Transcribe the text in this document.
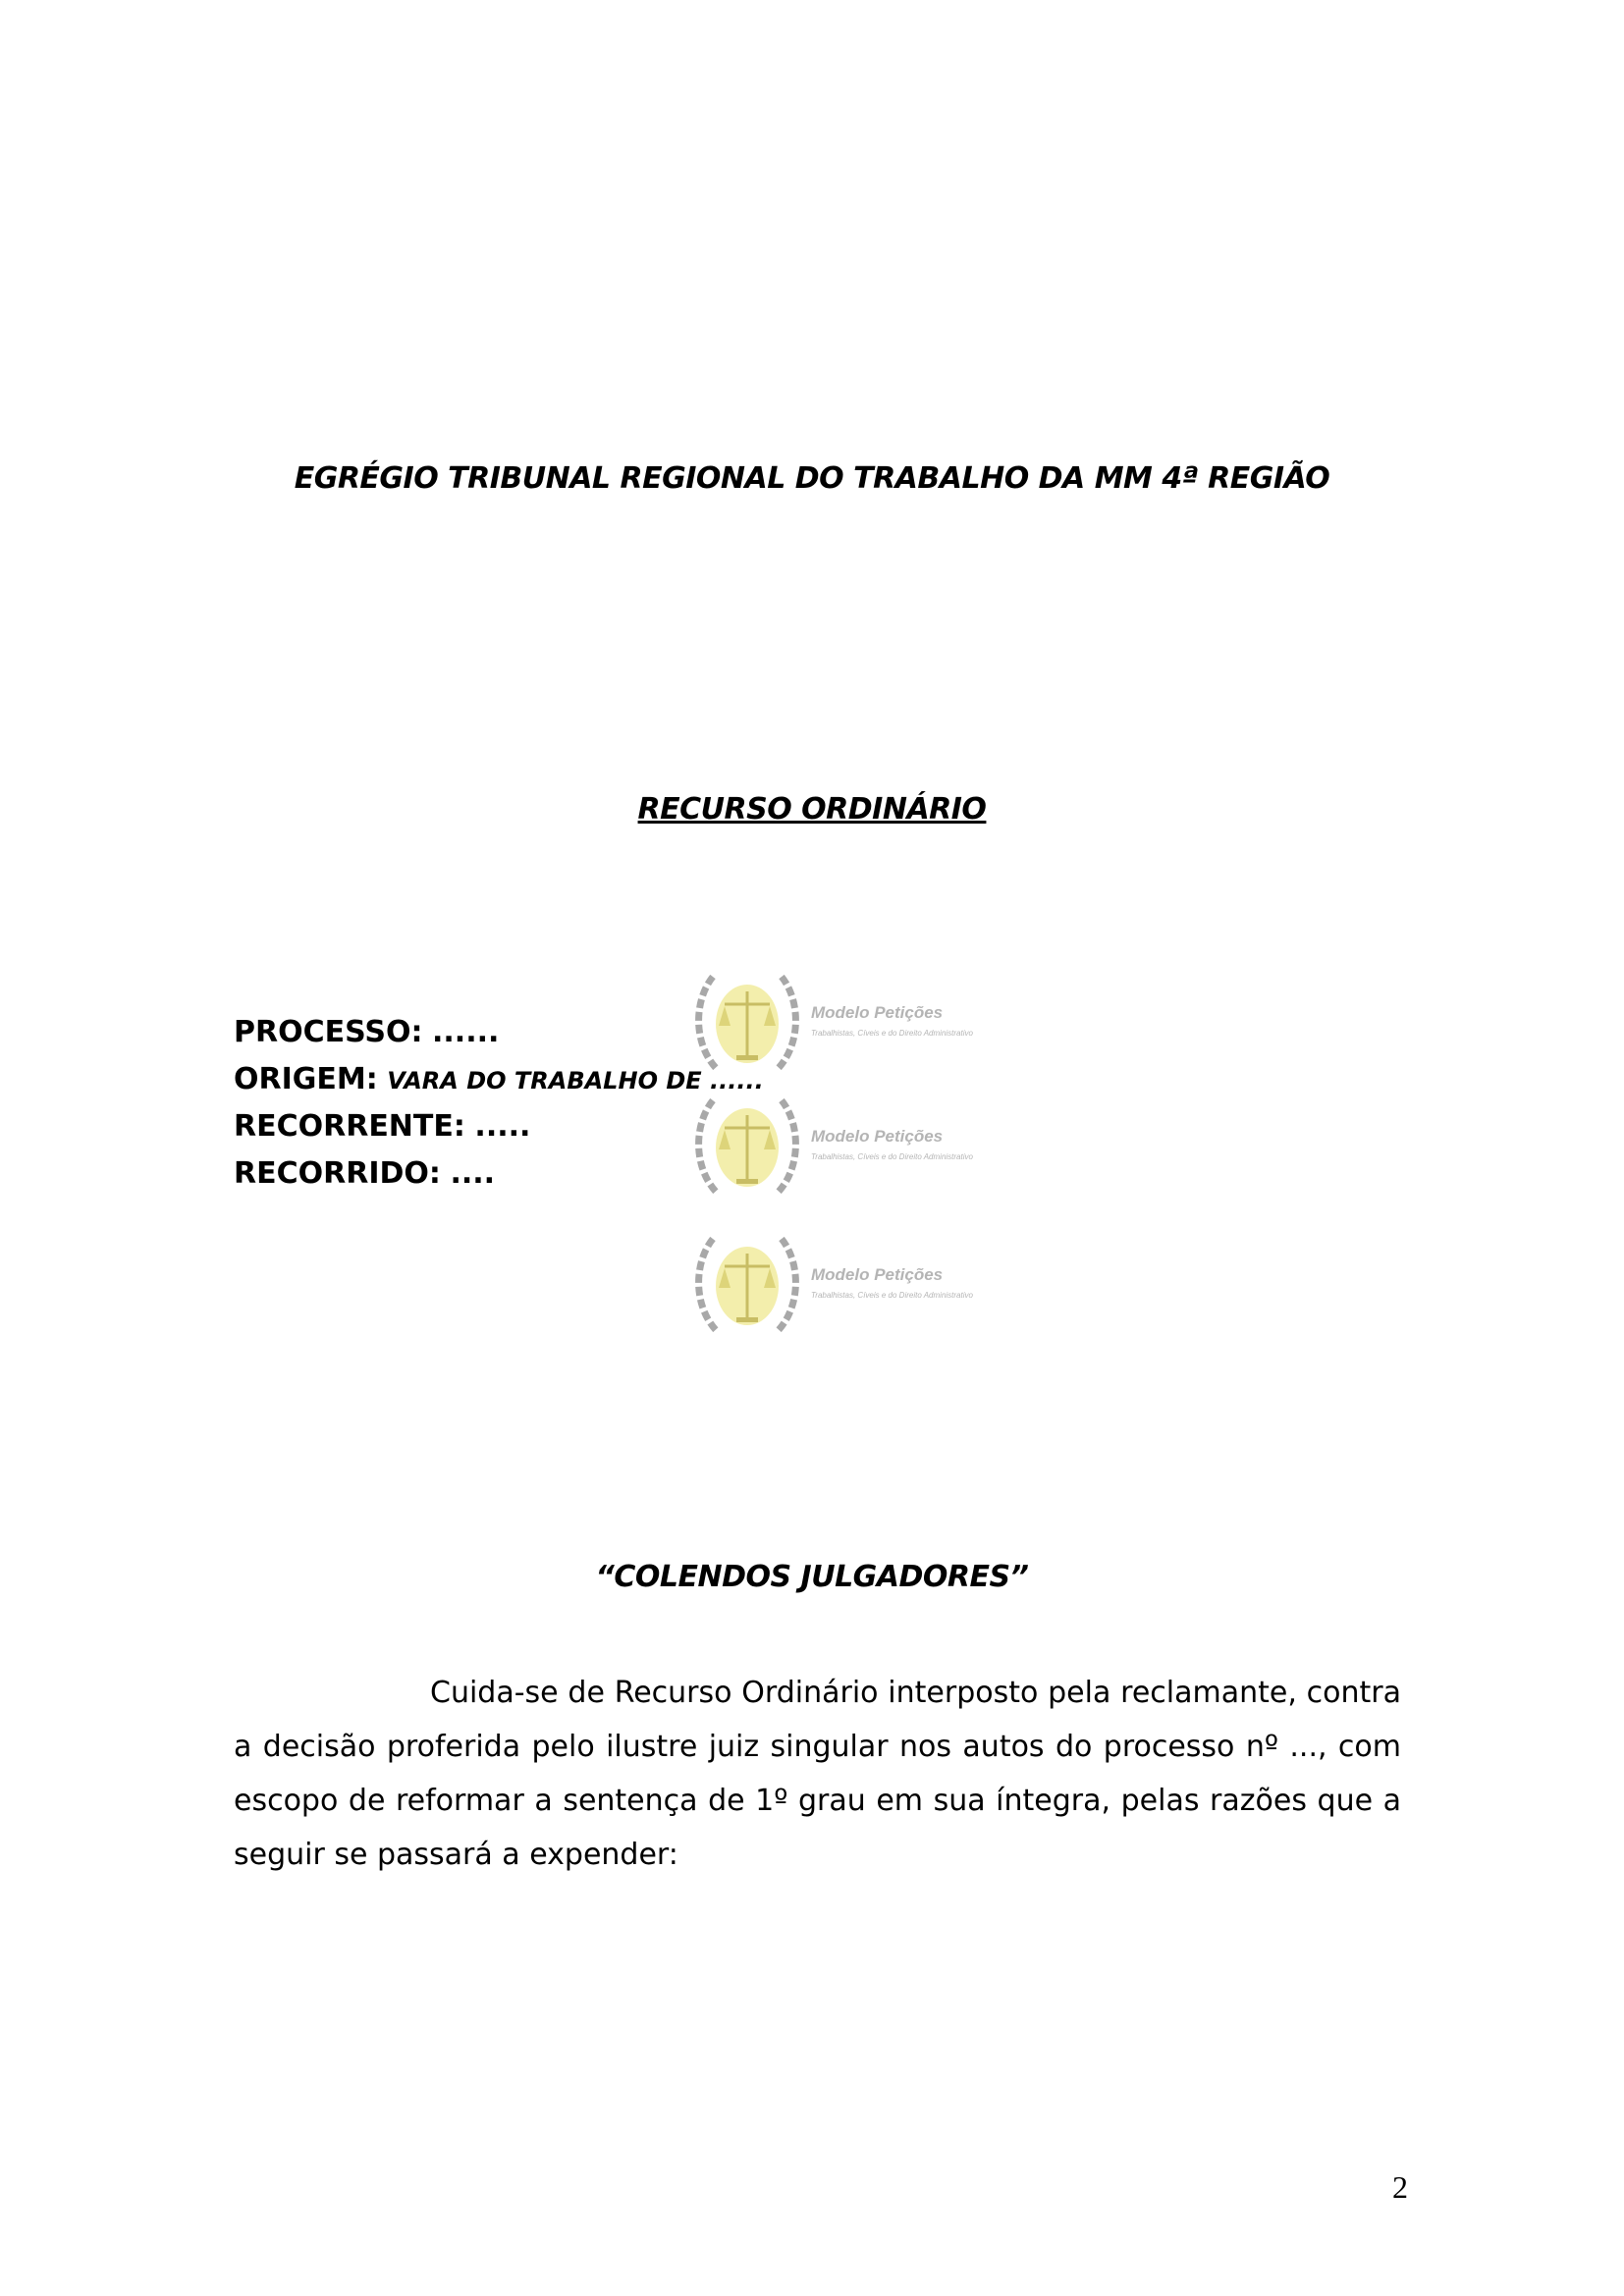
EGRÉGIO TRIBUNAL REGIONAL DO TRABALHO DA MM 4ª REGIÃO
RECURSO ORDINÁRIO
PROCESSO: ......
ORIGEM: VARA DO TRABALHO DE ......
RECORRENTE: .....
RECORRIDO: ....
Modelo Petições
Trabalhistas, Cíveis e do Direito Administrativo
Modelo Petições
Trabalhistas, Cíveis e do Direito Administrativo
Modelo Petições
Trabalhistas, Cíveis e do Direito Administrativo
“COLENDOS JULGADORES”

Cuida-se de Recurso Ordinário interposto pela reclamante, contra a decisão proferida pelo ilustre juiz singular nos autos do processo nº ..., com escopo de reformar a sentença de 1º grau em sua íntegra, pelas razões que a seguir se passará a expender:

2
